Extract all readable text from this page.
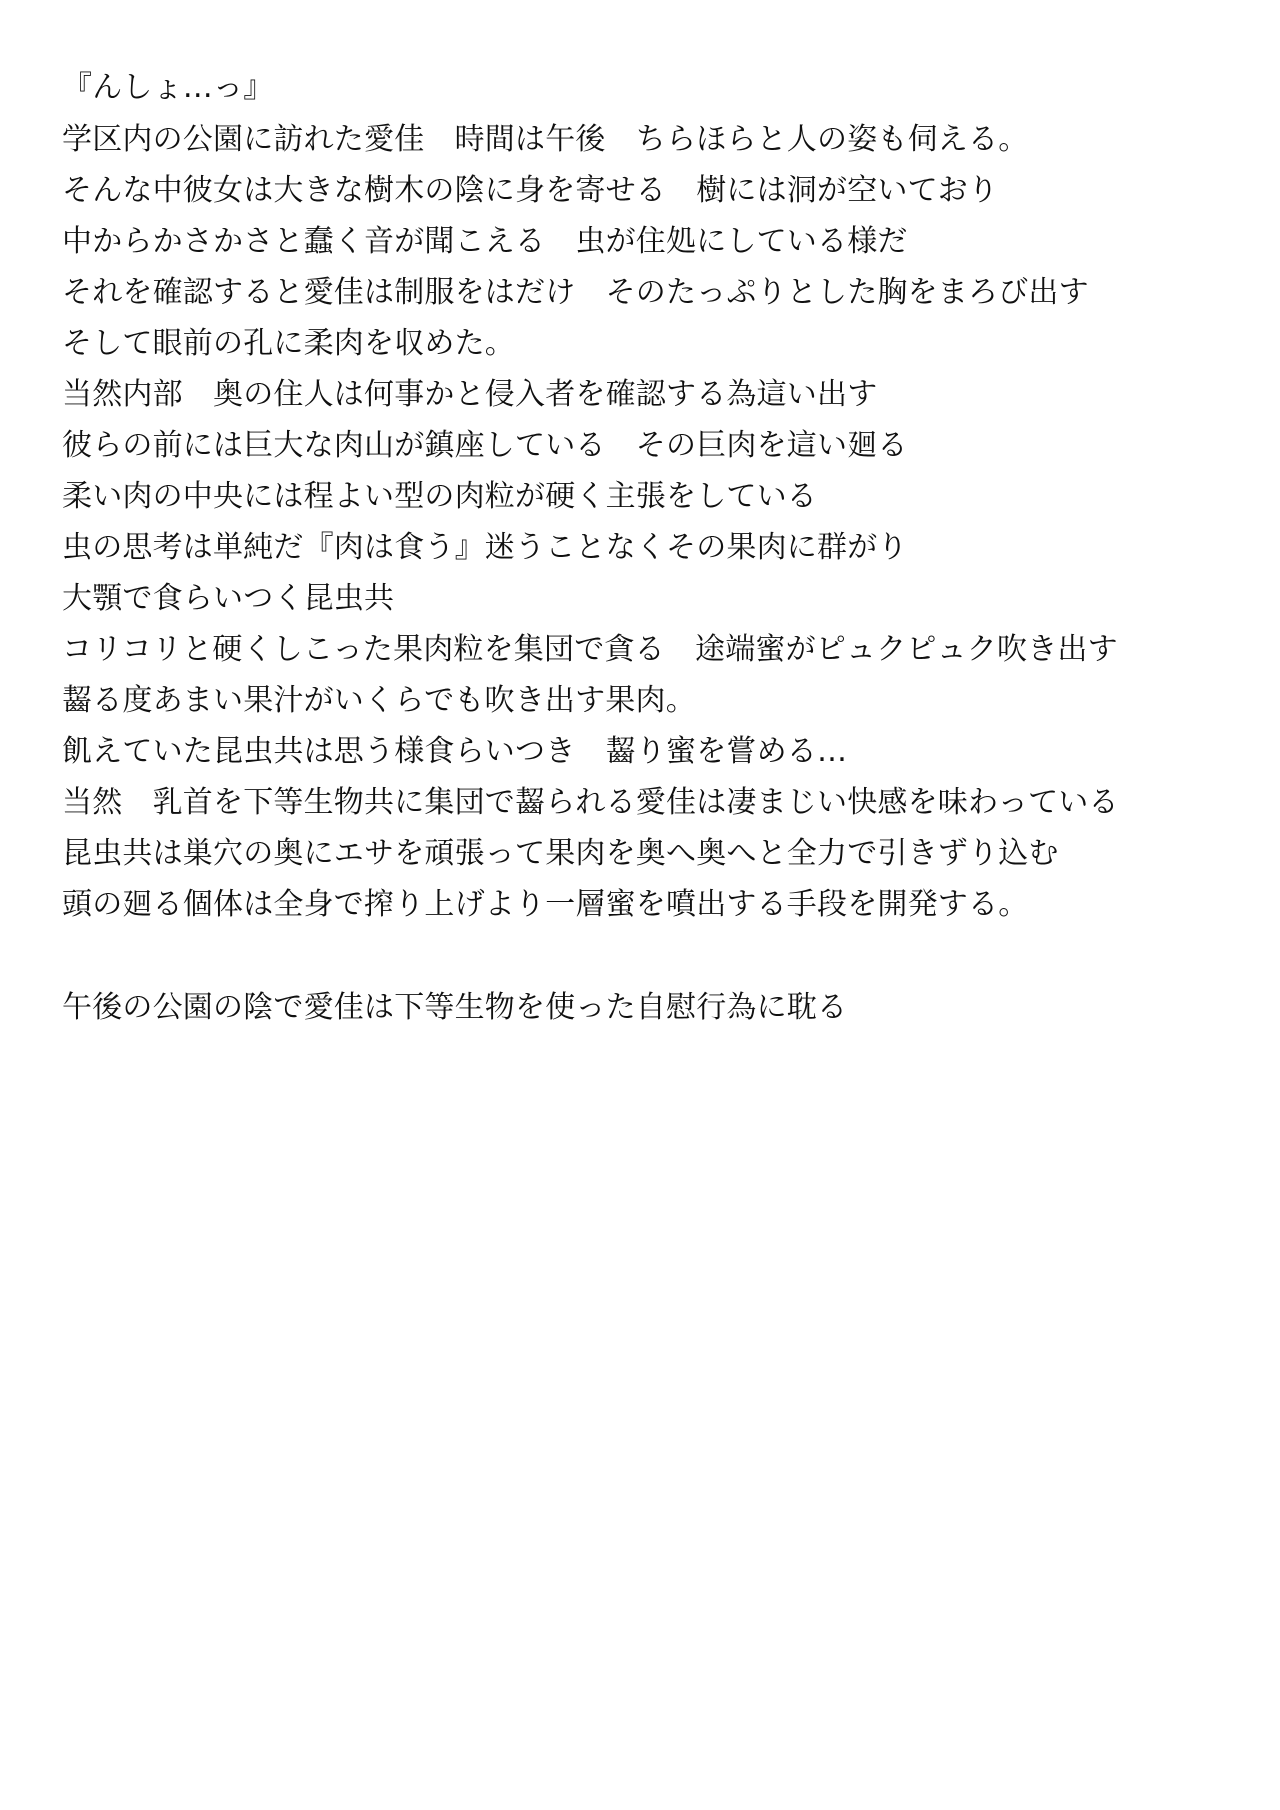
『んしょ…っ』

学区内の公園に訪れた愛佳　時間は午後　ちらほらと人の姿も伺える。

そんな中彼女は大きな樹木の陰に身を寄せる　樹には洞が空いており

中からかさかさと蠢く音が聞こえる　虫が住処にしている様だ

それを確認すると愛佳は制服をはだけ　そのたっぷりとした胸をまろび出す

そして眼前の孔に柔肉を収めた。

当然内部　奥の住人は何事かと侵入者を確認する為這い出す

彼らの前には巨大な肉山が鎮座している　その巨肉を這い廻る

柔い肉の中央には程よい型の肉粒が硬く主張をしている

虫の思考は単純だ『肉は食う』迷うことなくその果肉に群がり

大顎で食らいつく昆虫共

コリコリと硬くしこった果肉粒を集団で貪る　途端蜜がピュクピュク吹き出す

齧る度あまい果汁がいくらでも吹き出す果肉。

飢えていた昆虫共は思う様食らいつき　齧り蜜を嘗める…

当然　乳首を下等生物共に集団で齧られる愛佳は凄まじい快感を味わっている

昆虫共は巣穴の奥にエサを頑張って果肉を奥へ奥へと全力で引きずり込む

頭の廻る個体は全身で搾り上げより一層蜜を噴出する手段を開発する。

午後の公園の陰で愛佳は下等生物を使った自慰行為に耽る
